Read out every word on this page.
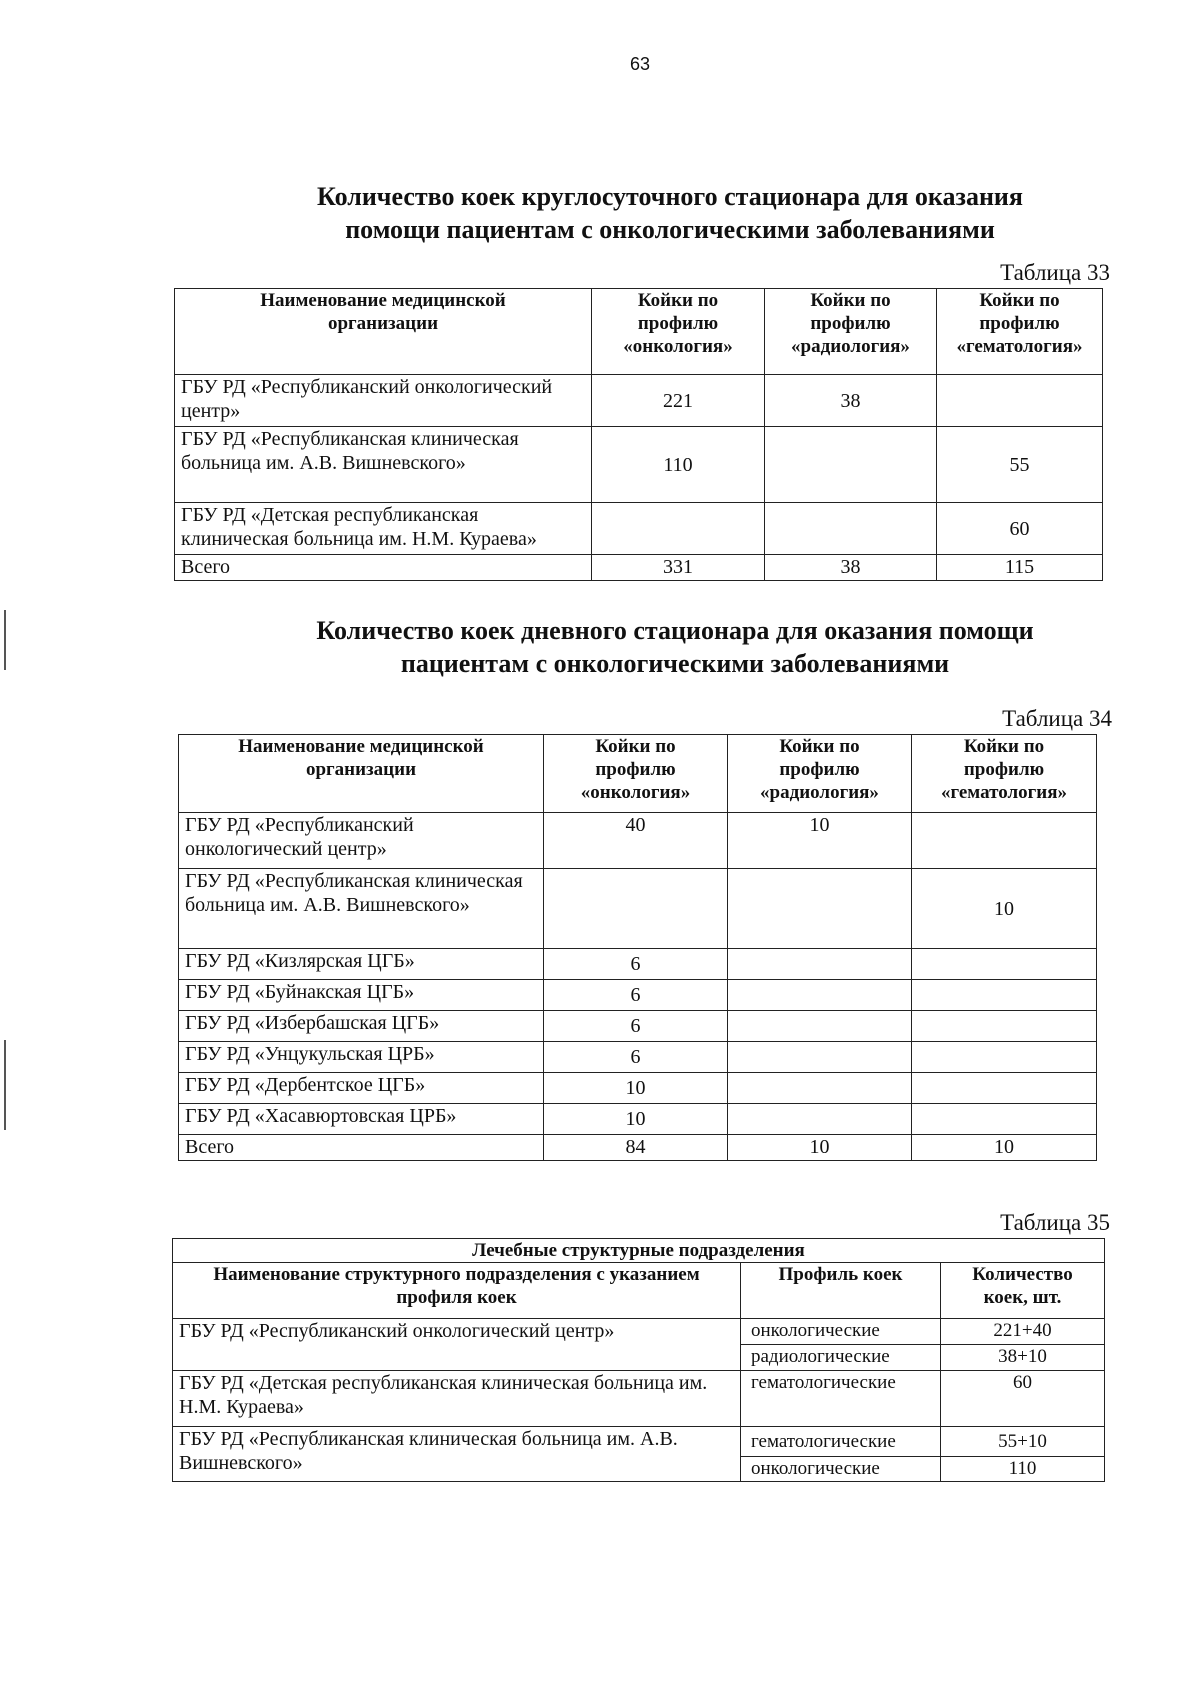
63
Количество коек круглосуточного стационара для оказания
помощи пациентам с онкологическими заболеваниями
Таблица 33
Наименование медицинской организации	Койки по профилю «онкология»	Койки по профилю «радиология»	Койки по профилю «гематология»
ГБУ РД «Республиканский онкологический центр»	221	38	
ГБУ РД «Республиканская клиническая больница им. А.В. Вишневского»	110		55
ГБУ РД «Детская республиканская клиническая больница им. Н.М. Кураева»			60
Всего	331	38	115
Количество коек дневного стационара для оказания помощи
пациентам с онкологическими заболеваниями
Таблица 34
Наименование медицинской организации	Койки по профилю «онкология»	Койки по профилю «радиология»	Койки по профилю «гематология»
ГБУ РД «Республиканский онкологический центр»	40	10	
ГБУ РД «Республиканская клиническая больница им. А.В. Вишневского»			10
ГБУ РД «Кизлярская ЦГБ»	6		
ГБУ РД «Буйнакская ЦГБ»	6		
ГБУ РД «Избербашская ЦГБ»	6		
ГБУ РД «Унцукульская ЦРБ»	6		
ГБУ РД «Дербентское ЦГБ»	10		
ГБУ РД «Хасавюртовская ЦРБ»	10		
Всего	84	10	10
Таблица 35
Лечебные структурные подразделения		
Наименование структурного подразделения с указанием профиля коек	Профиль коек	Количество коек, шт.
ГБУ РД «Республиканский онкологический центр»	онкологические	221+40
	радиологические	38+10
ГБУ РД «Детская республиканская клиническая больница им. Н.М. Кураева»	гематологические	60
ГБУ РД «Республиканская клиническая больница им. А.В. Вишневского»	гематологические	55+10
	онкологические	110
